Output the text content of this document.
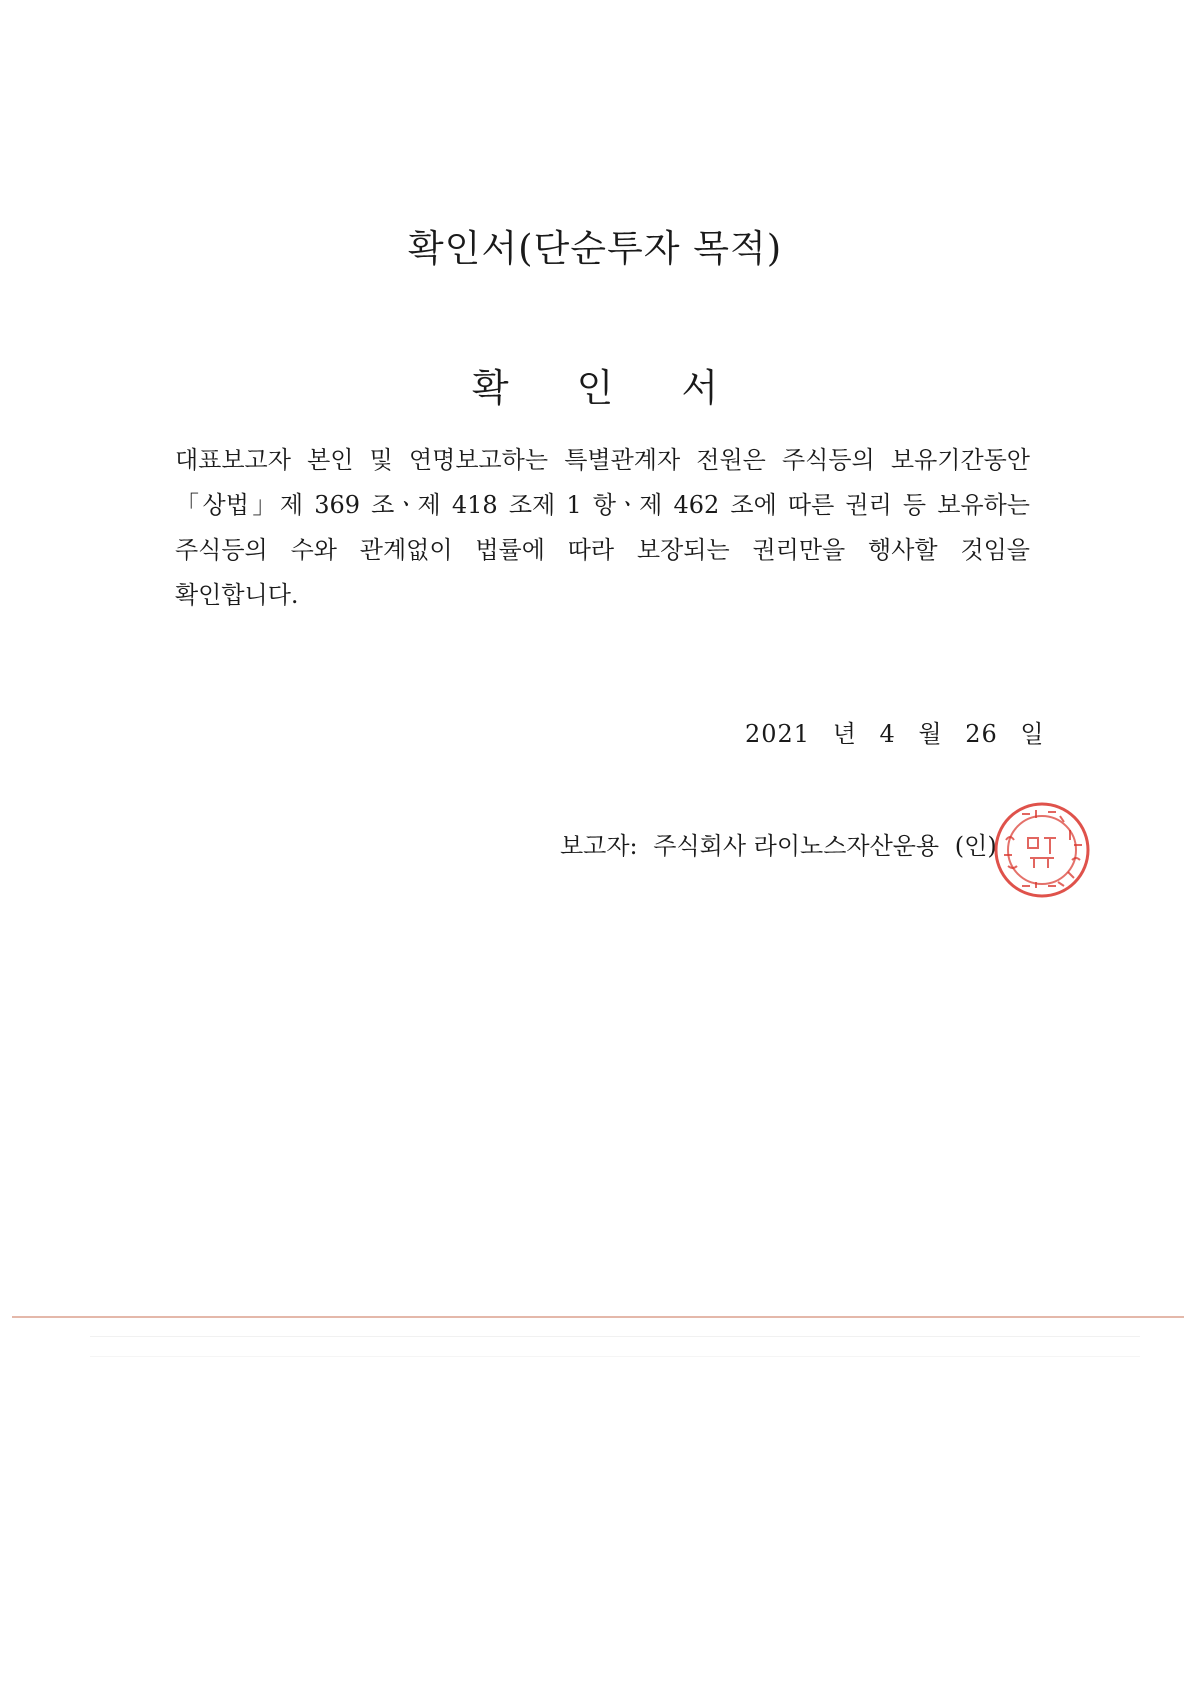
확인서(단순투자 목적)
확 인 서

대표보고자 본인 및 연명보고하는 특별관계자 전원은 주식등의 보유기간동안 「상법」제 369 조ㆍ제 418 조제 1 항ㆍ제 462 조에 따른 권리 등 보유하는 주식등의 수와 관계없이 법률에 따라 보장되는 권리만을 행사할 것임을 확인합니다.

2021 년 4 월 26 일

보고자: 주식회사 라이노스자산운용 (인)
